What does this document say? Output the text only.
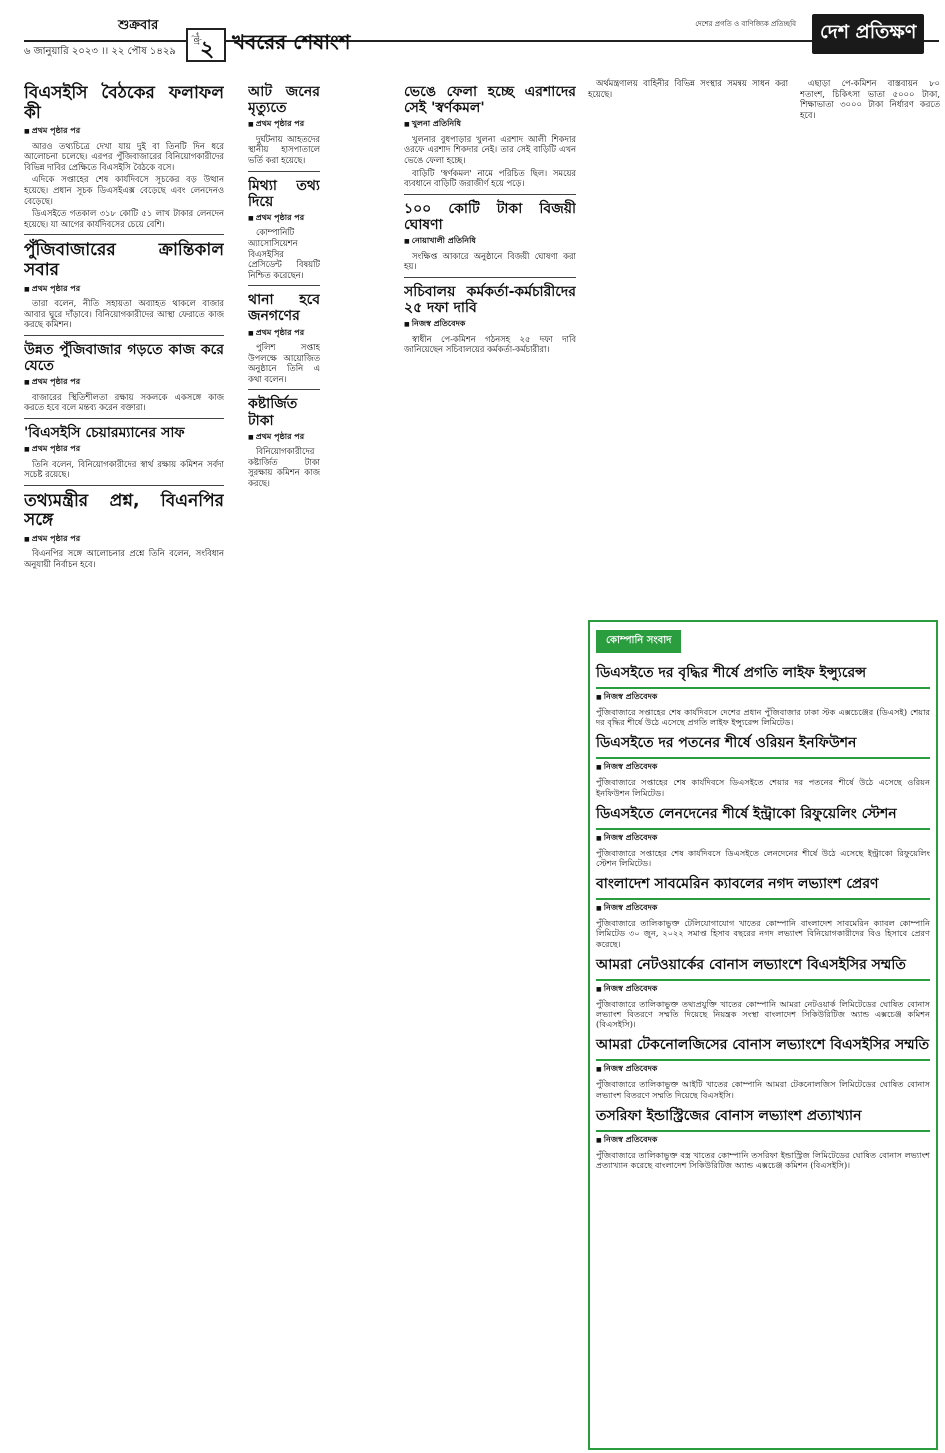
শুক্রবার
৬ জানুয়ারি ২০২৩ ।। ২২ পৌষ ১৪২৯
পৃষ্ঠা ২ খবরের শেষাংশ
দেশের প্রগতি ও বাণিজ্যিক প্রতিচ্ছবি	দেশ প্রতিক্ষণ
বিএসইসি বৈঠকের ফলাফল কী
■ প্রথম পৃষ্ঠার পর

আরও তথ্যচিত্রে দেখা যায় দুই বা তিনটি দিন ধরে আলোচনা চলেছে। এরপর পুঁজিবাজারের বিনিয়োগকারীদের বিভিন্ন দাবির প্রেক্ষিতে বিএসইসি বৈঠকে বসে।

এদিকে সপ্তাহের শেষ কার্যদিবসে সূচকের বড় উত্থান হয়েছে। প্রধান সূচক ডিএসইএক্স বেড়েছে এবং লেনদেনও বেড়েছে।

ডিএসইতে গতকাল ৩১৮ কোটি ৫১ লাখ টাকার লেনদেন হয়েছে। যা আগের কার্যদিবসের চেয়ে বেশি।

পুঁজিবাজারের ক্রান্তিকাল সবার
■ প্রথম পৃষ্ঠার পর

তারা বলেন, নীতি সহায়তা অব্যাহত থাকলে বাজার আবার ঘুরে দাঁড়াবে। বিনিয়োগকারীদের আস্থা ফেরাতে কাজ করছে কমিশন।

উন্নত পুঁজিবাজার গড়তে কাজ করে যেতে
■ প্রথম পৃষ্ঠার পর

বাজারের স্থিতিশীলতা রক্ষায় সকলকে একসঙ্গে কাজ করতে হবে বলে মন্তব্য করেন বক্তারা।

'বিএসইসি চেয়ারম্যানের সাফ
■ প্রথম পৃষ্ঠার পর

তিনি বলেন, বিনিয়োগকারীদের স্বার্থ রক্ষায় কমিশন সর্বদা সচেষ্ট রয়েছে।

তথ্যমন্ত্রীর প্রশ্ন, বিএনপির সঙ্গে
■ প্রথম পৃষ্ঠার পর

বিএনপির সঙ্গে আলোচনার প্রশ্নে তিনি বলেন, সংবিধান অনুযায়ী নির্বাচন হবে।

আট জনের মৃত্যুতে
■ প্রথম পৃষ্ঠার পর

দুর্ঘটনায় আহতদের স্থানীয় হাসপাতালে ভর্তি করা হয়েছে।

মিথ্যা তথ্য দিয়ে
■ প্রথম পৃষ্ঠার পর

কোম্পানিটি অ্যাসোসিয়েশন বিএসইসির প্রেসিডেন্ট বিষয়টি নিশ্চিত করেছেন।

থানা হবে জনগণের
■ প্রথম পৃষ্ঠার পর

পুলিশ সপ্তাহ উপলক্ষে আয়োজিত অনুষ্ঠানে তিনি এ কথা বলেন।

কষ্টার্জিত টাকা
■ প্রথম পৃষ্ঠার পর

বিনিয়োগকারীদের কষ্টার্জিত টাকা সুরক্ষায় কমিশন কাজ করছে।

ভেঙে ফেলা হচ্ছে এরশাদের সেই 'স্বর্ণকমল'
■ খুলনা প্রতিনিধি

খুলনার বুধপাড়ার খুলনা এরশাদ আলী শিকদার ওরফে এরশাদ শিকদার নেই। তার সেই বাড়িটি এখন ভেঙে ফেলা হচ্ছে।

বাড়িটি 'স্বর্ণকমল' নামে পরিচিত ছিল। সময়ের ব্যবধানে বাড়িটি জরাজীর্ণ হয়ে পড়ে।

১০০ কোটি টাকা বিজয়ী ঘোষণা
■ নোয়াখালী প্রতিনিধি

সংক্ষিপ্ত আকারে অনুষ্ঠানে বিজয়ী ঘোষণা করা হয়।

সচিবালয় কর্মকর্তা-কর্মচারীদের ২৫ দফা দাবি
■ নিজস্ব প্রতিবেদক

স্বাধীন পে-কমিশন গঠনসহ ২৫ দফা দাবি জানিয়েছেন সচিবালয়ের কর্মকর্তা-কর্মচারীরা।

অর্থমন্ত্রণালয় বাহিনীর বিভিন্ন সংস্থার সমন্বয় সাধন করা হয়েছে।

এছাড়া পে-কমিশন বাস্তবায়ন ৮০ শতাংশ, চিকিৎসা ভাতা ৫০০০ টাকা, শিক্ষাভাতা ৩০০০ টাকা নির্ধারণ করতে হবে।

কোম্পানি সংবাদ
ডিএসইতে দর বৃদ্ধির শীর্ষে প্রগতি লাইফ ইন্স্যুরেন্স
■ নিজস্ব প্রতিবেদক
পুঁজিবাজারে সপ্তাহের শেষ কার্যদিবসে দেশের প্রধান পুঁজিবাজার ঢাকা স্টক এক্সচেঞ্জের (ডিএসই) শেয়ার দর বৃদ্ধির শীর্ষে উঠে এসেছে প্রগতি লাইফ ইন্স্যুরেন্স লিমিটেড।
ডিএসইতে দর পতনের শীর্ষে ওরিয়ন ইনফিউশন
■ নিজস্ব প্রতিবেদক
পুঁজিবাজারে সপ্তাহের শেষ কার্যদিবসে ডিএসইতে শেয়ার দর পতনের শীর্ষে উঠে এসেছে ওরিয়ন ইনফিউশন লিমিটেড।
ডিএসইতে লেনদেনের শীর্ষে ইন্ট্রাকো রিফুয়েলিং স্টেশন
■ নিজস্ব প্রতিবেদক
পুঁজিবাজারে সপ্তাহের শেষ কার্যদিবসে ডিএসইতে লেনদেনের শীর্ষে উঠে এসেছে ইন্ট্রাকো রিফুয়েলিং স্টেশন লিমিটেড।
বাংলাদেশ সাবমেরিন ক্যাবলের নগদ লভ্যাংশ প্রেরণ
■ নিজস্ব প্রতিবেদক
পুঁজিবাজারে তালিকাভুক্ত টেলিযোগাযোগ খাতের কোম্পানি বাংলাদেশ সাবমেরিন ক্যাবল কোম্পানি লিমিটেড ৩০ জুন, ২০২২ সমাপ্ত হিসাব বছরের নগদ লভ্যাংশ বিনিয়োগকারীদের বিও হিসাবে প্রেরণ করেছে।
আমরা নেটওয়ার্কের বোনাস লভ্যাংশে বিএসইসির সম্মতি
■ নিজস্ব প্রতিবেদক
পুঁজিবাজারে তালিকাভুক্ত তথ্যপ্রযুক্তি খাতের কোম্পানি আমরা নেটওয়ার্ক লিমিটেডের ঘোষিত বোনাস লভ্যাংশ বিতরণে সম্মতি দিয়েছে নিয়ন্ত্রক সংস্থা বাংলাদেশ সিকিউরিটিজ অ্যান্ড এক্সচেঞ্জ কমিশন (বিএসইসি)।
আমরা টেকনোলজিসের বোনাস লভ্যাংশে বিএসইসির সম্মতি
■ নিজস্ব প্রতিবেদক
পুঁজিবাজারে তালিকাভুক্ত আইটি খাতের কোম্পানি আমরা টেকনোলজিস লিমিটেডের ঘোষিত বোনাস লভ্যাংশ বিতরণে সম্মতি দিয়েছে বিএসইসি।
তসরিফা ইন্ডাস্ট্রিজের বোনাস লভ্যাংশ প্রত্যাখ্যান
■ নিজস্ব প্রতিবেদক
পুঁজিবাজারে তালিকাভুক্ত বস্ত্র খাতের কোম্পানি তসরিফা ইন্ডাস্ট্রিজ লিমিটেডের ঘোষিত বোনাস লভ্যাংশ প্রত্যাখ্যান করেছে বাংলাদেশ সিকিউরিটিজ অ্যান্ড এক্সচেঞ্জ কমিশন (বিএসইসি)।
